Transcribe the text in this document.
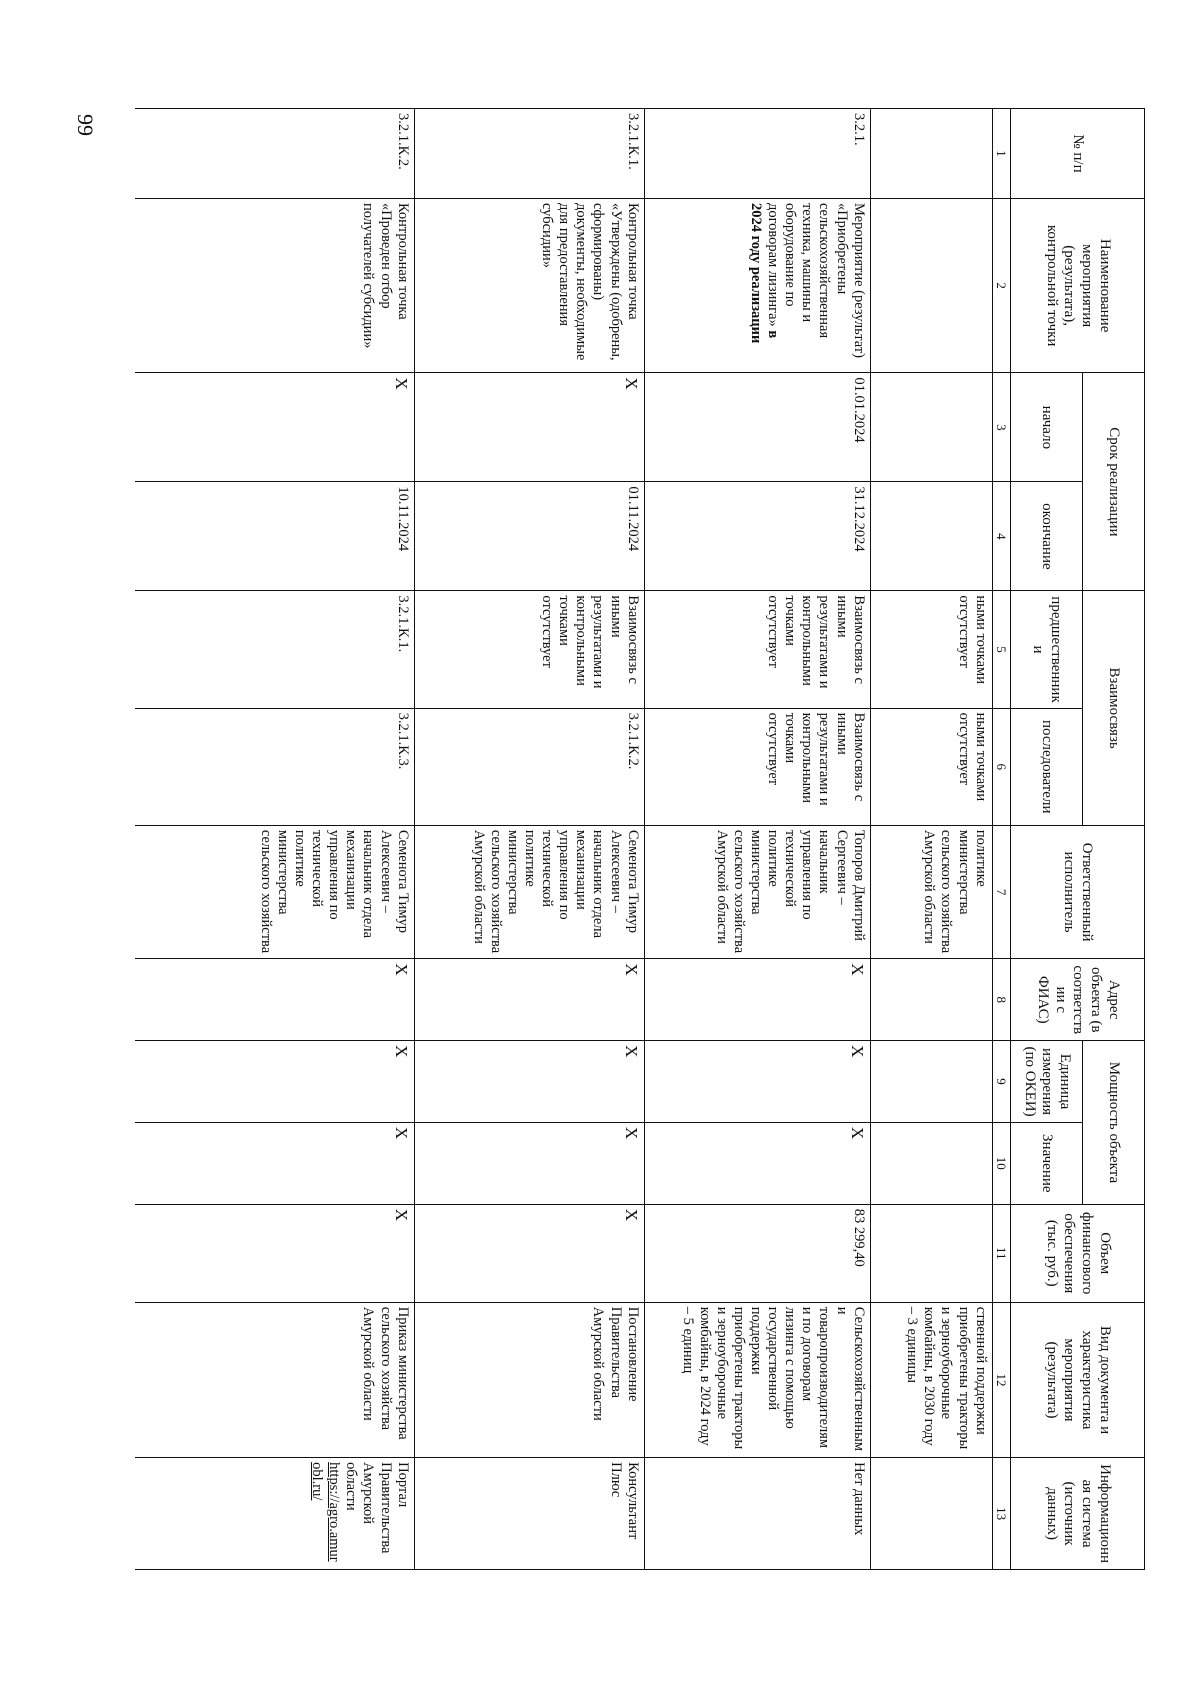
99
№ п/п	Наименование мероприятия (результата), контрольной точки	Срок реализации		Взаимосвязь		Ответственный исполнитель	Адрес объекта (в соответствии с ФИАС)	Мощность объекта		Объем финансового обеспечения (тыс. руб.)	Вид документа и характеристика мероприятия (результата)	Информационная система (источник данных)
		начало	окончание	предшественники	последователи			Единица измерения (по ОКЕИ)	Значение			
1	2	3	4	5	6	7	8	9	10	11	12	13
				ными точками отсутствует	ными точками отсутствует	политике министерства сельского хозяйства Амурской области					ственной поддержки приобретены тракторы и зерноуборочные комбайны, в 2030 году – 3 единицы	
3.2.1.	Мероприятие (результат) «Приобретены сельскохозяйственная техника, машины и оборудование по договорам лизинга» в 2024 году реализации	01.01.2024	31.12.2024	Взаимосвязь с иными результатами и контрольными точками отсутствует	Взаимосвязь с иными результатами и контрольными точками отсутствует	Топоров Дмитрий Сергеевич – начальник управления по технической политике министерства сельского хозяйства Амурской области	X	X	X	83 299,40	Сельскохозяйственными товаропроизводителями по договорам лизинга с помощью государственной поддержки приобретены тракторы и зерноуборочные комбайны, в 2024 году – 5 единиц	Нет данных
3.2.1.К.1.	Контрольная точка «Утверждены (одобрены, сформированы) документы, необходимые для предоставления субсидии»	X	01.11.2024	Взаимосвязь с иными результатами и контрольными точками отсутствует	3.2.1.К.2.	Семенота Тимур Алексеевич – начальник отдела механизации управления по технической политике министерства сельского хозяйства Амурской области	X	X	X	X	Постановление Правительства Амурской области	Консультант Плюс
3.2.1.К.2.	Контрольная точка «Проведен отбор получателей субсидии»	X	10.11.2024	3.2.1.К.1.	3.2.1.К.3.	Семенота Тимур Алексеевич – начальник отдела механизации управления по технической политике министерства сельского хозяйства	X	X	X	X	Приказ министерства сельского хозяйства Амурской области	Портал Правительства Амурской области https://agro.amurobl.ru/
